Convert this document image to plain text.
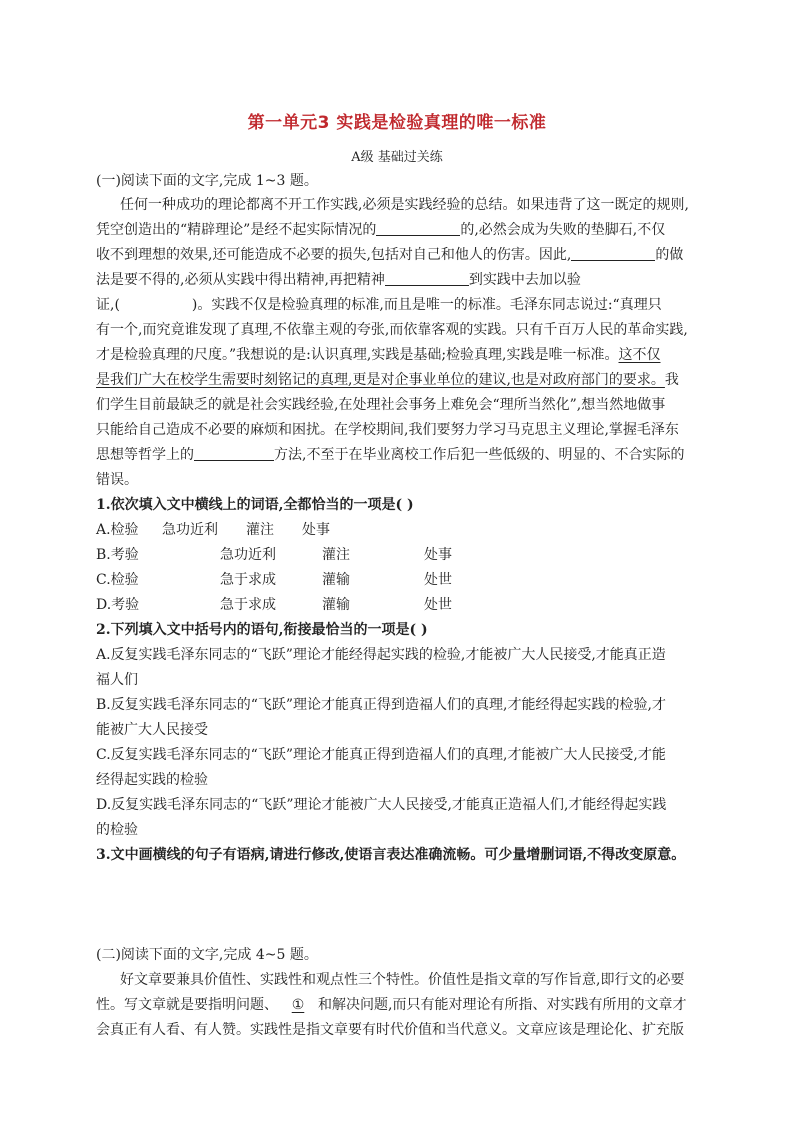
第一单元3 实践是检验真理的唯一标准
A级 基础过关练
(一)阅读下面的文字,完成 1~3 题。
任何一种成功的理论都离不开工作实践,必须是实践经验的总结。如果违背了这一既定的规则,
凭空创造出的“精辟理论”是经不起实际情况的	的,必然会成为失败的垫脚石,不仅
收不到理想的效果,还可能造成不必要的损失,包括对自己和他人的伤害。因此,	的做
法是要不得的,必须从实践中得出精神,再把精神	到实践中去加以验
证,(	)。实践不仅是检验真理的标准,而且是唯一的标准。毛泽东同志说过:“真理只
有一个,而究竟谁发现了真理,不依靠主观的夸张,而依靠客观的实践。只有千百万人民的革命实践,
才是检验真理的尺度。”我想说的是:认识真理,实践是基础;检验真理,实践是唯一标准。这不仅
是我们广大在校学生需要时刻铭记的真理,更是对企事业单位的建议,也是对政府部门的要求。我
们学生目前最缺乏的就是社会实践经验,在处理社会事务上难免会“理所当然化”,想当然地做事
只能给自己造成不必要的麻烦和困扰。在学校期间,我们要努力学习马克思主义理论,掌握毛泽东
思想等哲学上的	方法,不至于在毕业离校工作后犯一些低级的、明显的、不合实际的
错误。
1.依次填入文中横线上的词语,全都恰当的一项是( )
A.检验 急功近利 灌注 处事
B.考验	急功近利	灌注	处事
C.检验	急于求成	灌输	处世
D.考验	急于求成	灌输	处世
2.下列填入文中括号内的语句,衔接最恰当的一项是( )
A.反复实践毛泽东同志的“飞跃”理论才能经得起实践的检验,才能被广大人民接受,才能真正造
福人们
B.反复实践毛泽东同志的“飞跃”理论才能真正得到造福人们的真理,才能经得起实践的检验,才
能被广大人民接受
C.反复实践毛泽东同志的“飞跃”理论才能真正得到造福人们的真理,才能被广大人民接受,才能
经得起实践的检验
D.反复实践毛泽东同志的“飞跃”理论才能被广大人民接受,才能真正造福人们,才能经得起实践
的检验
3.文中画横线的句子有语病,请进行修改,使语言表达准确流畅。可少量增删词语,不得改变原意。
(二)阅读下面的文字,完成 4~5 题。
好文章要兼具价值性、实践性和观点性三个特性。价值性是指文章的写作旨意,即行文的必要
性。写文章就是要指明问题、 ① 和解决问题,而只有能对理论有所指、对实践有所用的文章才
会真正有人看、有人赞。实践性是指文章要有时代价值和当代意义。文章应该是理论化、扩充版
